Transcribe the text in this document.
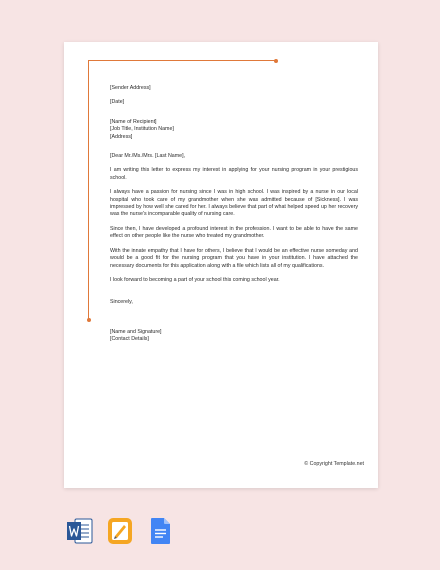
[Sender Address]

[Date]

[Name of Recipient]
[Job Title, Institution Name]
[Address]

[Dear Mr./Ms./Mrs. [Last Name],

I am writing this letter to express my interest in applying for your nursing program in your prestigious school.

I always have a passion for nursing since I was in high school. I was inspired by a nurse in our local hospital who took care of my grandmother when she was admitted because of [Sickness]. I was impressed by how well she cared for her. I always believe that part of what helped speed up her recovery was the nurse's incomparable quality of nursing care.

Since then, I have developed a profound interest in the profession. I want to be able to have the same effect on other people like the nurse who treated my grandmother.

With the innate empathy that I have for others, I believe that I would be an effective nurse someday and would be a good fit for the nursing program that you have in your institution. I have attached the necessary documents for this application along with a file which lists all of my qualifications.

I look forward to becoming a part of your school this coming school year.

Sincerely,

[Name and Signature]
[Contact Details]

© Copyright Template.net
